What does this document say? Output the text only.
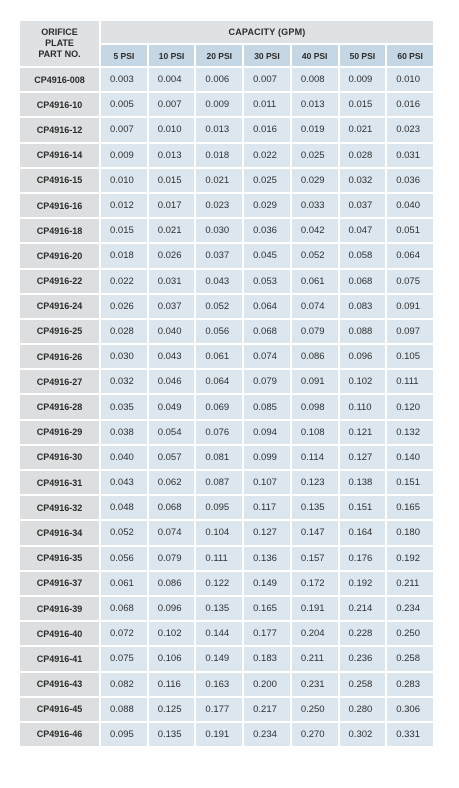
ORIFICE
PLATE
PART NO.	CAPACITY (GPM)						
	5 PSI	10 PSI	20 PSI	30 PSI	40 PSI	50 PSI	60 PSI
CP4916-008	0.003	0.004	0.006	0.007	0.008	0.009	0.010
CP4916-10	0.005	0.007	0.009	0.011	0.013	0.015	0.016
CP4916-12	0.007	0.010	0.013	0.016	0.019	0.021	0.023
CP4916-14	0.009	0.013	0.018	0.022	0.025	0.028	0.031
CP4916-15	0.010	0.015	0.021	0.025	0.029	0.032	0.036
CP4916-16	0.012	0.017	0.023	0.029	0.033	0.037	0.040
CP4916-18	0.015	0.021	0.030	0.036	0.042	0.047	0.051
CP4916-20	0.018	0.026	0.037	0.045	0.052	0.058	0.064
CP4916-22	0.022	0.031	0.043	0.053	0.061	0.068	0.075
CP4916-24	0.026	0.037	0.052	0.064	0.074	0.083	0.091
CP4916-25	0.028	0.040	0.056	0.068	0.079	0.088	0.097
CP4916-26	0.030	0.043	0.061	0.074	0.086	0.096	0.105
CP4916-27	0.032	0.046	0.064	0.079	0.091	0.102	0.111
CP4916-28	0.035	0.049	0.069	0.085	0.098	0.110	0.120
CP4916-29	0.038	0.054	0.076	0.094	0.108	0.121	0.132
CP4916-30	0.040	0.057	0.081	0.099	0.114	0.127	0.140
CP4916-31	0.043	0.062	0.087	0.107	0.123	0.138	0.151
CP4916-32	0.048	0.068	0.095	0.117	0.135	0.151	0.165
CP4916-34	0.052	0.074	0.104	0.127	0.147	0.164	0.180
CP4916-35	0.056	0.079	0.111	0.136	0.157	0.176	0.192
CP4916-37	0.061	0.086	0.122	0.149	0.172	0.192	0.211
CP4916-39	0.068	0.096	0.135	0.165	0.191	0.214	0.234
CP4916-40	0.072	0.102	0.144	0.177	0.204	0.228	0.250
CP4916-41	0.075	0.106	0.149	0.183	0.211	0.236	0.258
CP4916-43	0.082	0.116	0.163	0.200	0.231	0.258	0.283
CP4916-45	0.088	0.125	0.177	0.217	0.250	0.280	0.306
CP4916-46	0.095	0.135	0.191	0.234	0.270	0.302	0.331
